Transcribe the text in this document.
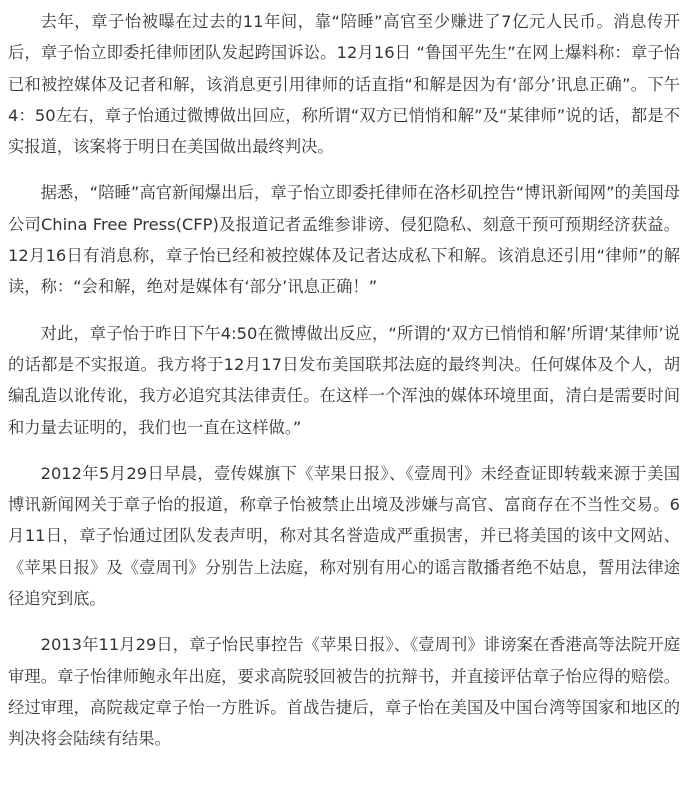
去年，章子怡被曝在过去的11年间，靠“陪睡”高官至少赚进了7亿元人民币。消息传开后，章子怡立即委托律师团队发起跨国诉讼。12月16日 “鲁国平先生”在网上爆料称：章子怡已和被控媒体及记者和解，该消息更引用律师的话直指“和解是因为有‘部分’讯息正确”。下午4：50左右，章子怡通过微博做出回应，称所谓“双方已悄悄和解”及“某律师”说的话，都是不实报道，该案将于明日在美国做出最终判决。

据悉，“陪睡”高官新闻爆出后，章子怡立即委托律师在洛杉矶控告“博讯新闻网”的美国母公司China Free Press(CFP)及报道记者孟维参诽谤、侵犯隐私、刻意干预可预期经济获益。12月16日有消息称，章子怡已经和被控媒体及记者达成私下和解。该消息还引用“律师”的解读，称：“会和解，绝对是媒体有‘部分’讯息正确！”

对此，章子怡于昨日下午4:50在微博做出反应，“所谓的‘双方已悄悄和解’所谓‘某律师’说的话都是不实报道。我方将于12月17日发布美国联邦法庭的最终判决。任何媒体及个人，胡编乱造以讹传讹，我方必追究其法律责任。在这样一个浑浊的媒体环境里面，清白是需要时间和力量去证明的，我们也一直在这样做。”

2012年5月29日早晨，壹传媒旗下《苹果日报》、《壹周刊》未经查证即转载来源于美国博讯新闻网关于章子怡的报道，称章子怡被禁止出境及涉嫌与高官、富商存在不当性交易。6月11日，章子怡通过团队发表声明，称对其名誉造成严重损害，并已将美国的该中文网站、《苹果日报》及《壹周刊》分别告上法庭，称对别有用心的谣言散播者绝不姑息，誓用法律途径追究到底。

2013年11月29日，章子怡民事控告《苹果日报》、《壹周刊》诽谤案在香港高等法院开庭审理。章子怡律师鲍永年出庭，要求高院驳回被告的抗辩书，并直接评估章子怡应得的赔偿。经过审理，高院裁定章子怡一方胜诉。首战告捷后，章子怡在美国及中国台湾等国家和地区的判决将会陆续有结果。
